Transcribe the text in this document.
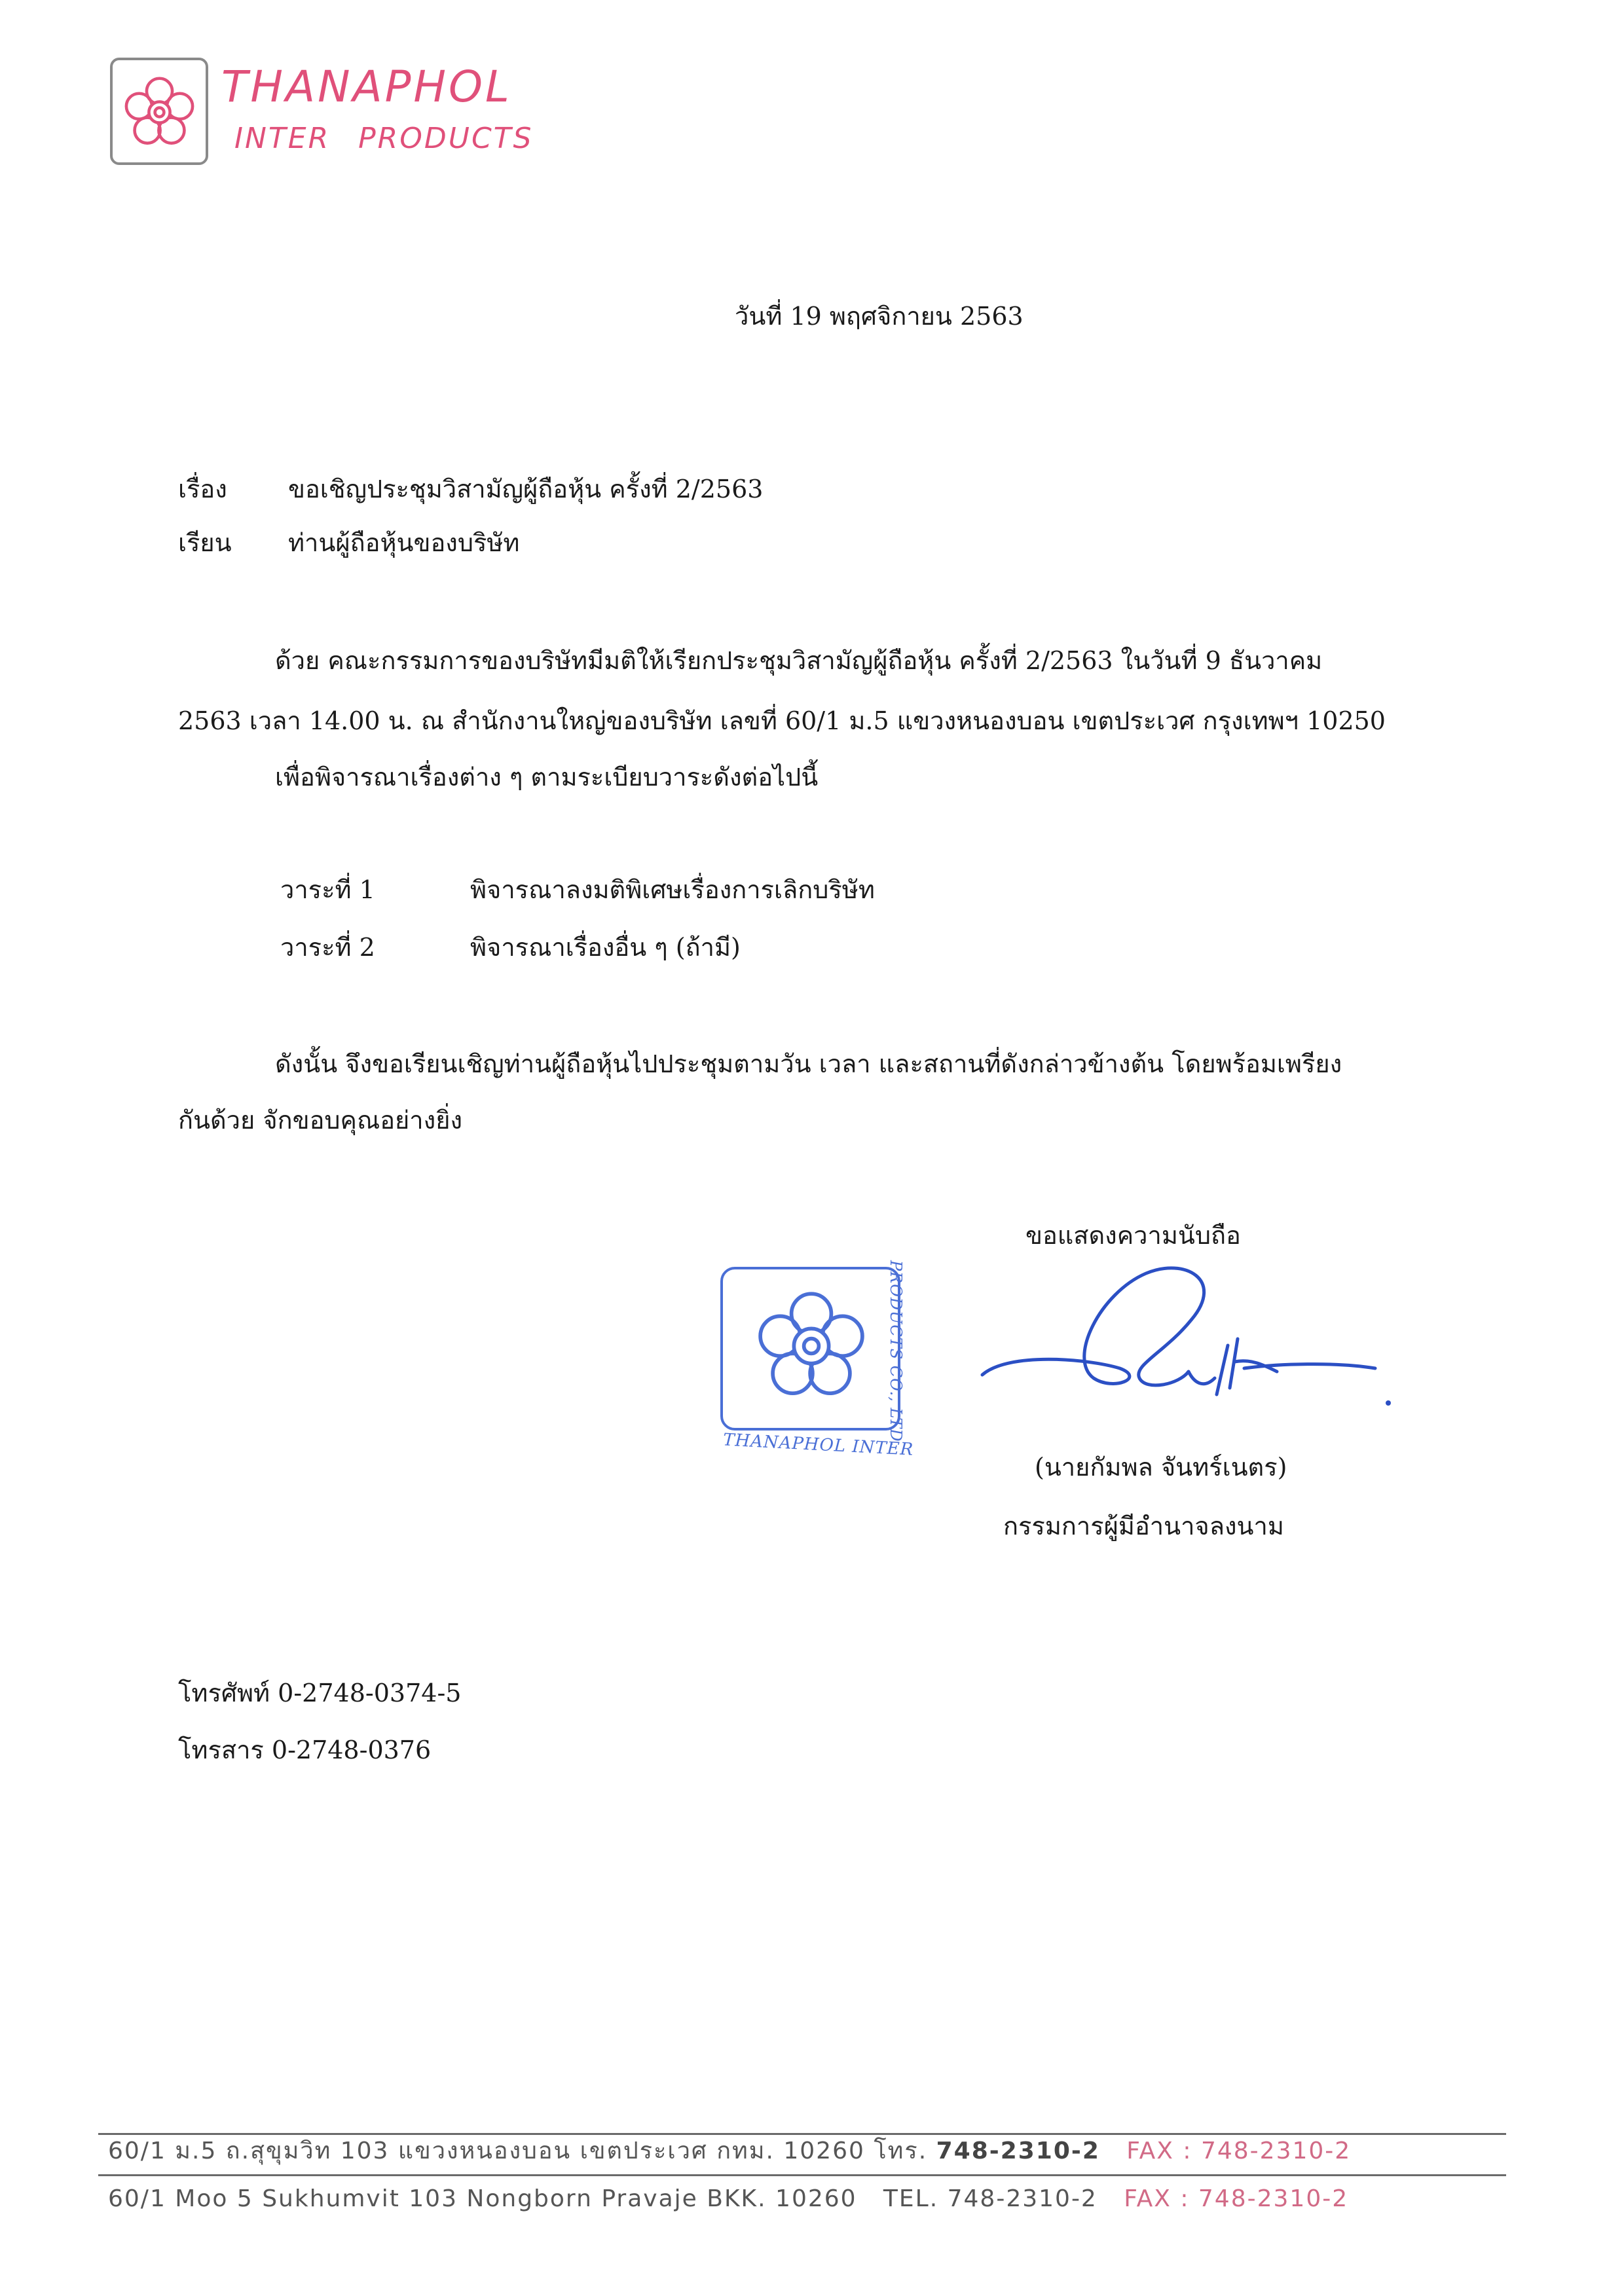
THANAPHOL
INTER PRODUCTS
วันที่ 19 พฤศจิกายน 2563
เรื่อง ขอเชิญประชุมวิสามัญผู้ถือหุ้น ครั้งที่ 2/2563
เรียน ท่านผู้ถือหุ้นของบริษัท
ด้วย คณะกรรมการของบริษัทมีมติให้เรียกประชุมวิสามัญผู้ถือหุ้น ครั้งที่ 2/2563 ในวันที่ 9 ธันวาคม
2563 เวลา 14.00 น. ณ สำนักงานใหญ่ของบริษัท เลขที่ 60/1 ม.5 แขวงหนองบอน เขตประเวศ กรุงเทพฯ 10250
เพื่อพิจารณาเรื่องต่าง ๆ ตามระเบียบวาระดังต่อไปนี้
วาระที่ 1	พิจารณาลงมติพิเศษเรื่องการเลิกบริษัท
วาระที่ 2	พิจารณาเรื่องอื่น ๆ (ถ้ามี)
ดังนั้น จึงขอเรียนเชิญท่านผู้ถือหุ้นไปประชุมตามวัน เวลา และสถานที่ดังกล่าวข้างต้น โดยพร้อมเพรียง
กันด้วย จักขอบคุณอย่างยิ่ง
ขอแสดงความนับถือ
PRODUCTS CO., LTD.
THANAPHOL INTER
(นายกัมพล จันทร์เนตร)
กรรมการผู้มีอำนาจลงนาม
โทรศัพท์ 0-2748-0374-5
โทรสาร 0-2748-0376
60/1 ม.5 ถ.สุขุมวิท 103 แขวงหนองบอน เขตประเวศ กทม. 10260 โทร. 748-2310-2 FAX : 748-2310-2
60/1 Moo 5 Sukhumvit 103 Nongborn Pravaje BKK. 10260 TEL. 748-2310-2 FAX : 748-2310-2
